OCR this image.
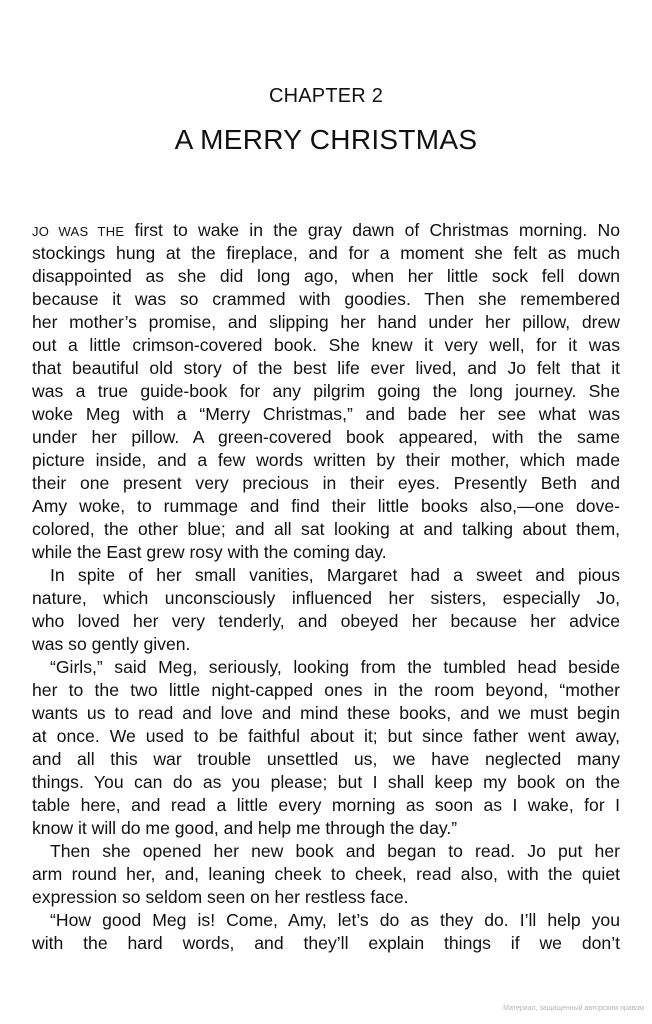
CHAPTER 2
A MERRY CHRISTMAS
JO WAS THE first to wake in the gray dawn of Christmas morning. No
stockings hung at the fireplace, and for a moment she felt as much
disappointed as she did long ago, when her little sock fell down
because it was so crammed with goodies. Then she remembered
her mother’s promise, and slipping her hand under her pillow, drew
out a little crimson-covered book. She knew it very well, for it was
that beautiful old story of the best life ever lived, and Jo felt that it
was a true guide-book for any pilgrim going the long journey. She
woke Meg with a “Merry Christmas,” and bade her see what was
under her pillow. A green-covered book appeared, with the same
picture inside, and a few words written by their mother, which made
their one present very precious in their eyes. Presently Beth and
Amy woke, to rummage and find their little books also,—one dove-
colored, the other blue; and all sat looking at and talking about them,
while the East grew rosy with the coming day.
In spite of her small vanities, Margaret had a sweet and pious
nature, which unconsciously influenced her sisters, especially Jo,
who loved her very tenderly, and obeyed her because her advice
was so gently given.
“Girls,” said Meg, seriously, looking from the tumbled head beside
her to the two little night-capped ones in the room beyond, “mother
wants us to read and love and mind these books, and we must begin
at once. We used to be faithful about it; but since father went away,
and all this war trouble unsettled us, we have neglected many
things. You can do as you please; but I shall keep my book on the
table here, and read a little every morning as soon as I wake, for I
know it will do me good, and help me through the day.”
Then she opened her new book and began to read. Jo put her
arm round her, and, leaning cheek to cheek, read also, with the quiet
expression so seldom seen on her restless face.
“How good Meg is! Come, Amy, let’s do as they do. I’ll help you
with the hard words, and they’ll explain things if we don’t
Материал, защищенный авторским правом
